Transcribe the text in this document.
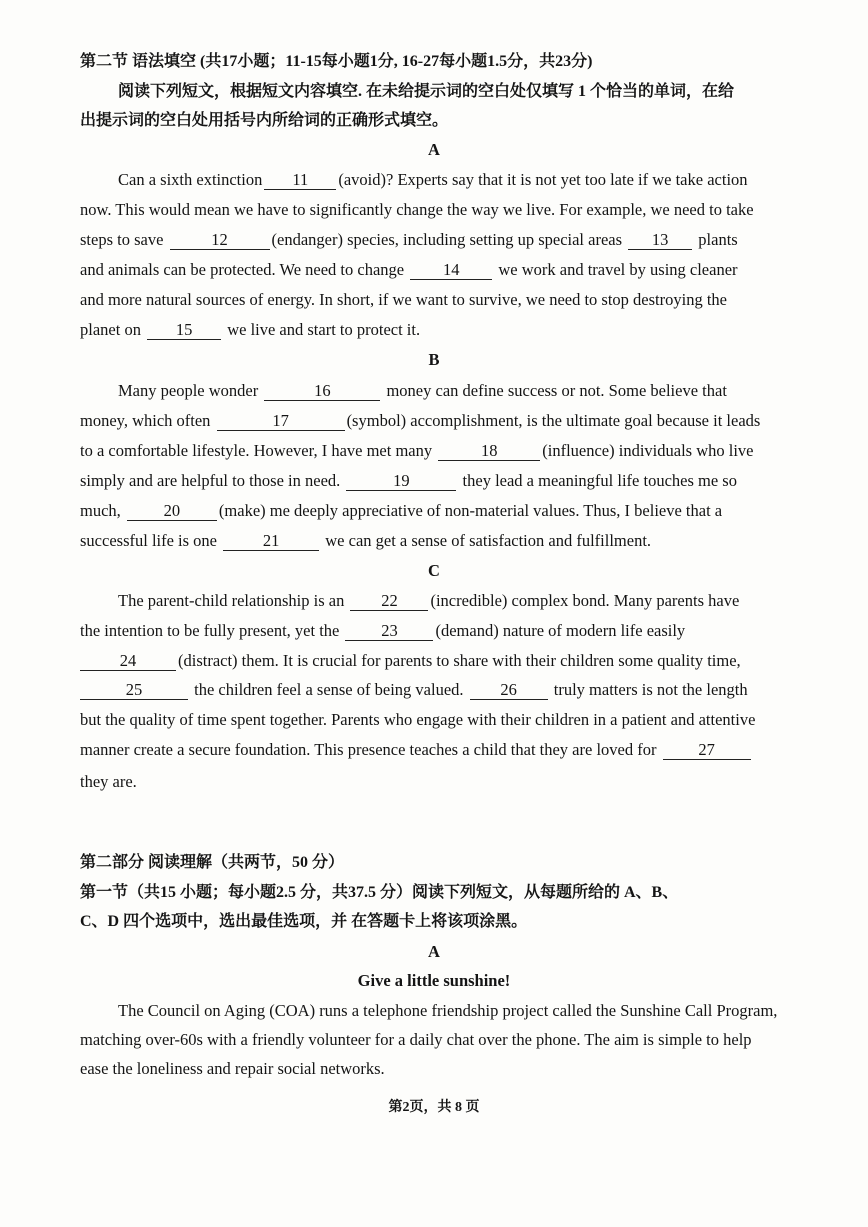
第二节 语法填空 (共17小题；11-15每小题1分, 16-27每小题1.5分，共23分)
阅读下列短文，根据短文内容填空. 在未给提示词的空白处仅填写 1 个恰当的单词，在给
出提示词的空白处用括号内所给词的正确形式填空。
A
Can a sixth extinction 11 (avoid)? Experts say that it is not yet too late if we take action
now. This would mean we have to significantly change the way we live. For example, we need to take
steps to save	12	(endanger) species, including setting up special areas 13 plants
and animals can be protected. We need to change 14 we work and travel by using cleaner
and more natural sources of energy. In short, if we want to survive, we need to stop destroying the
planet on 15 we live and start to protect it.
B
Many people wonder	16	money can define success or not. Some believe that
money, which often	17	(symbol) accomplishment, is the ultimate goal because it leads
to a comfortable lifestyle. However, I have met many	18	(influence) individuals who live
simply and are helpful to those in need.	19	they lead a meaningful life touches me so
much,	20 (make) me deeply appreciative of non-material values. Thus, I believe that a
successful life is one	21	we can get a sense of satisfaction and fulfillment.
C
The parent-child relationship is an 22 (incredible) complex bond. Many parents have
the intention to be fully present, yet the	23 (demand) nature of modern life easily
24	(distract) them. It is crucial for parents to share with their children some quality time,
25	the children feel a sense of being valued. 26 truly matters is not the length
but the quality of time spent together. Parents who engage with their children in a patient and attentive
manner create a secure foundation. This presence teaches a child that they are loved for	27
they are.
第二部分 阅读理解（共两节，50 分）
第一节（共15 小题；每小题2.5 分，共37.5 分）阅读下列短文，从每题所给的 A、B、
C、D 四个选项中，选出最佳选项，并 在答题卡上将该项涂黑。
A
Give a little sunshine!
The Council on Aging (COA) runs a telephone friendship project called the Sunshine Call Program,
matching over-60s with a friendly volunteer for a daily chat over the phone. The aim is simple to help
ease the loneliness and repair social networks.
第2页，共 8 页
